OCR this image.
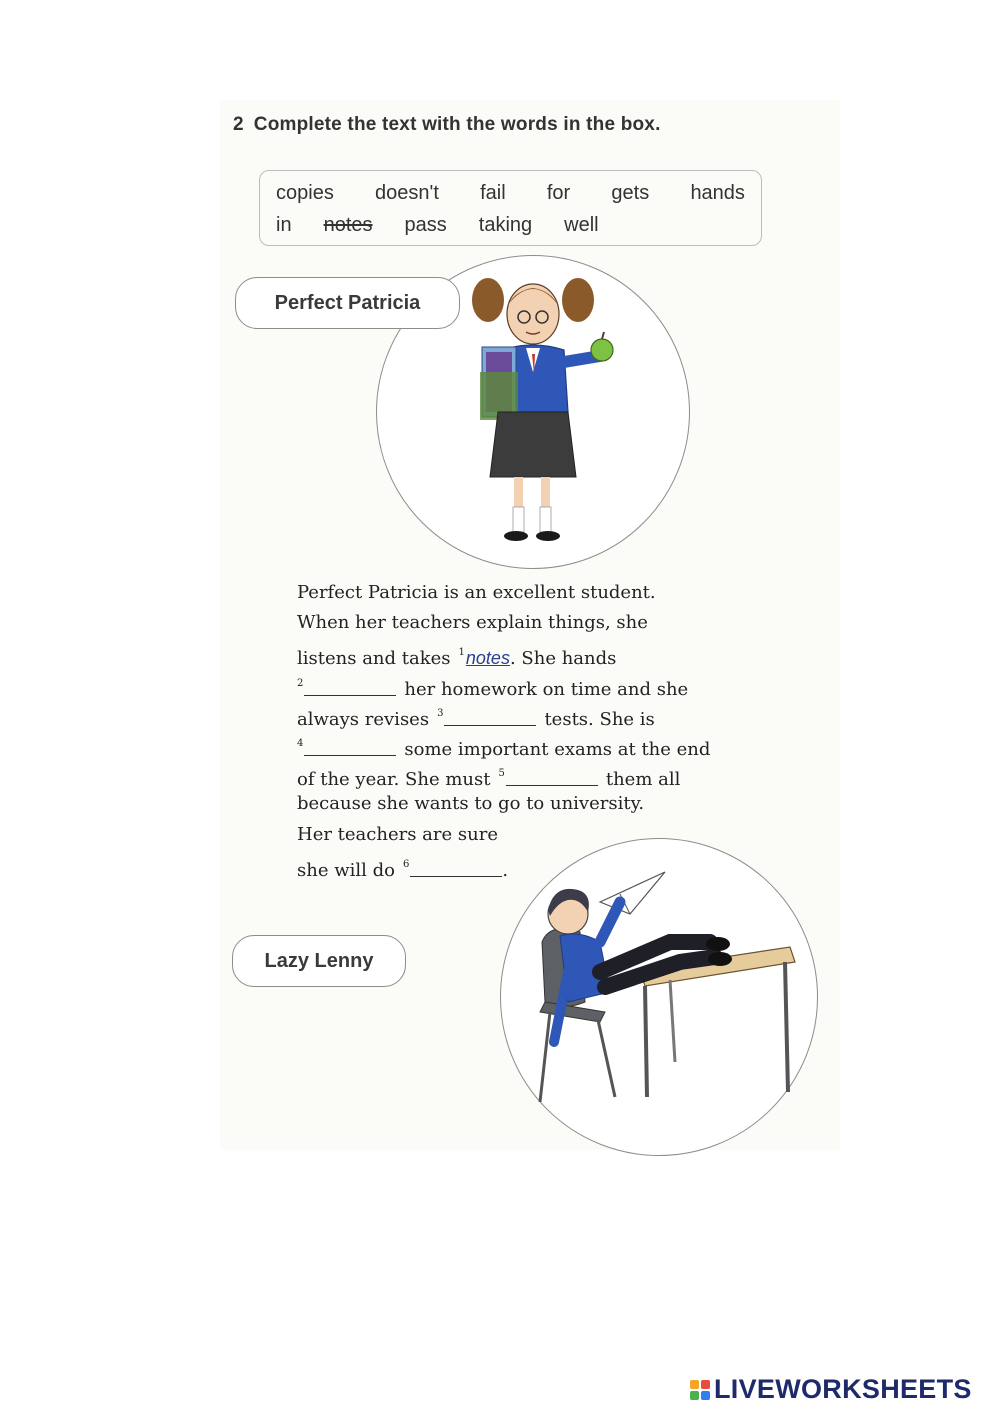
2 Complete the text with the words in the box.
copies doesn't fail for gets hands
in notes pass taking well
Perfect Patricia
Perfect Patricia is an excellent student.
When her teachers explain things, she
listens and takes $^1$notes. She hands
$^2$	her homework on time and she
always revises $^3$	tests. She is
$^4$	some important exams at the end
of the year. She must $^5$	them all
because she wants to go to university.
Her teachers are sure
she will do $^6$	.
Lazy Lenny
LIVEWORKSHEETS
